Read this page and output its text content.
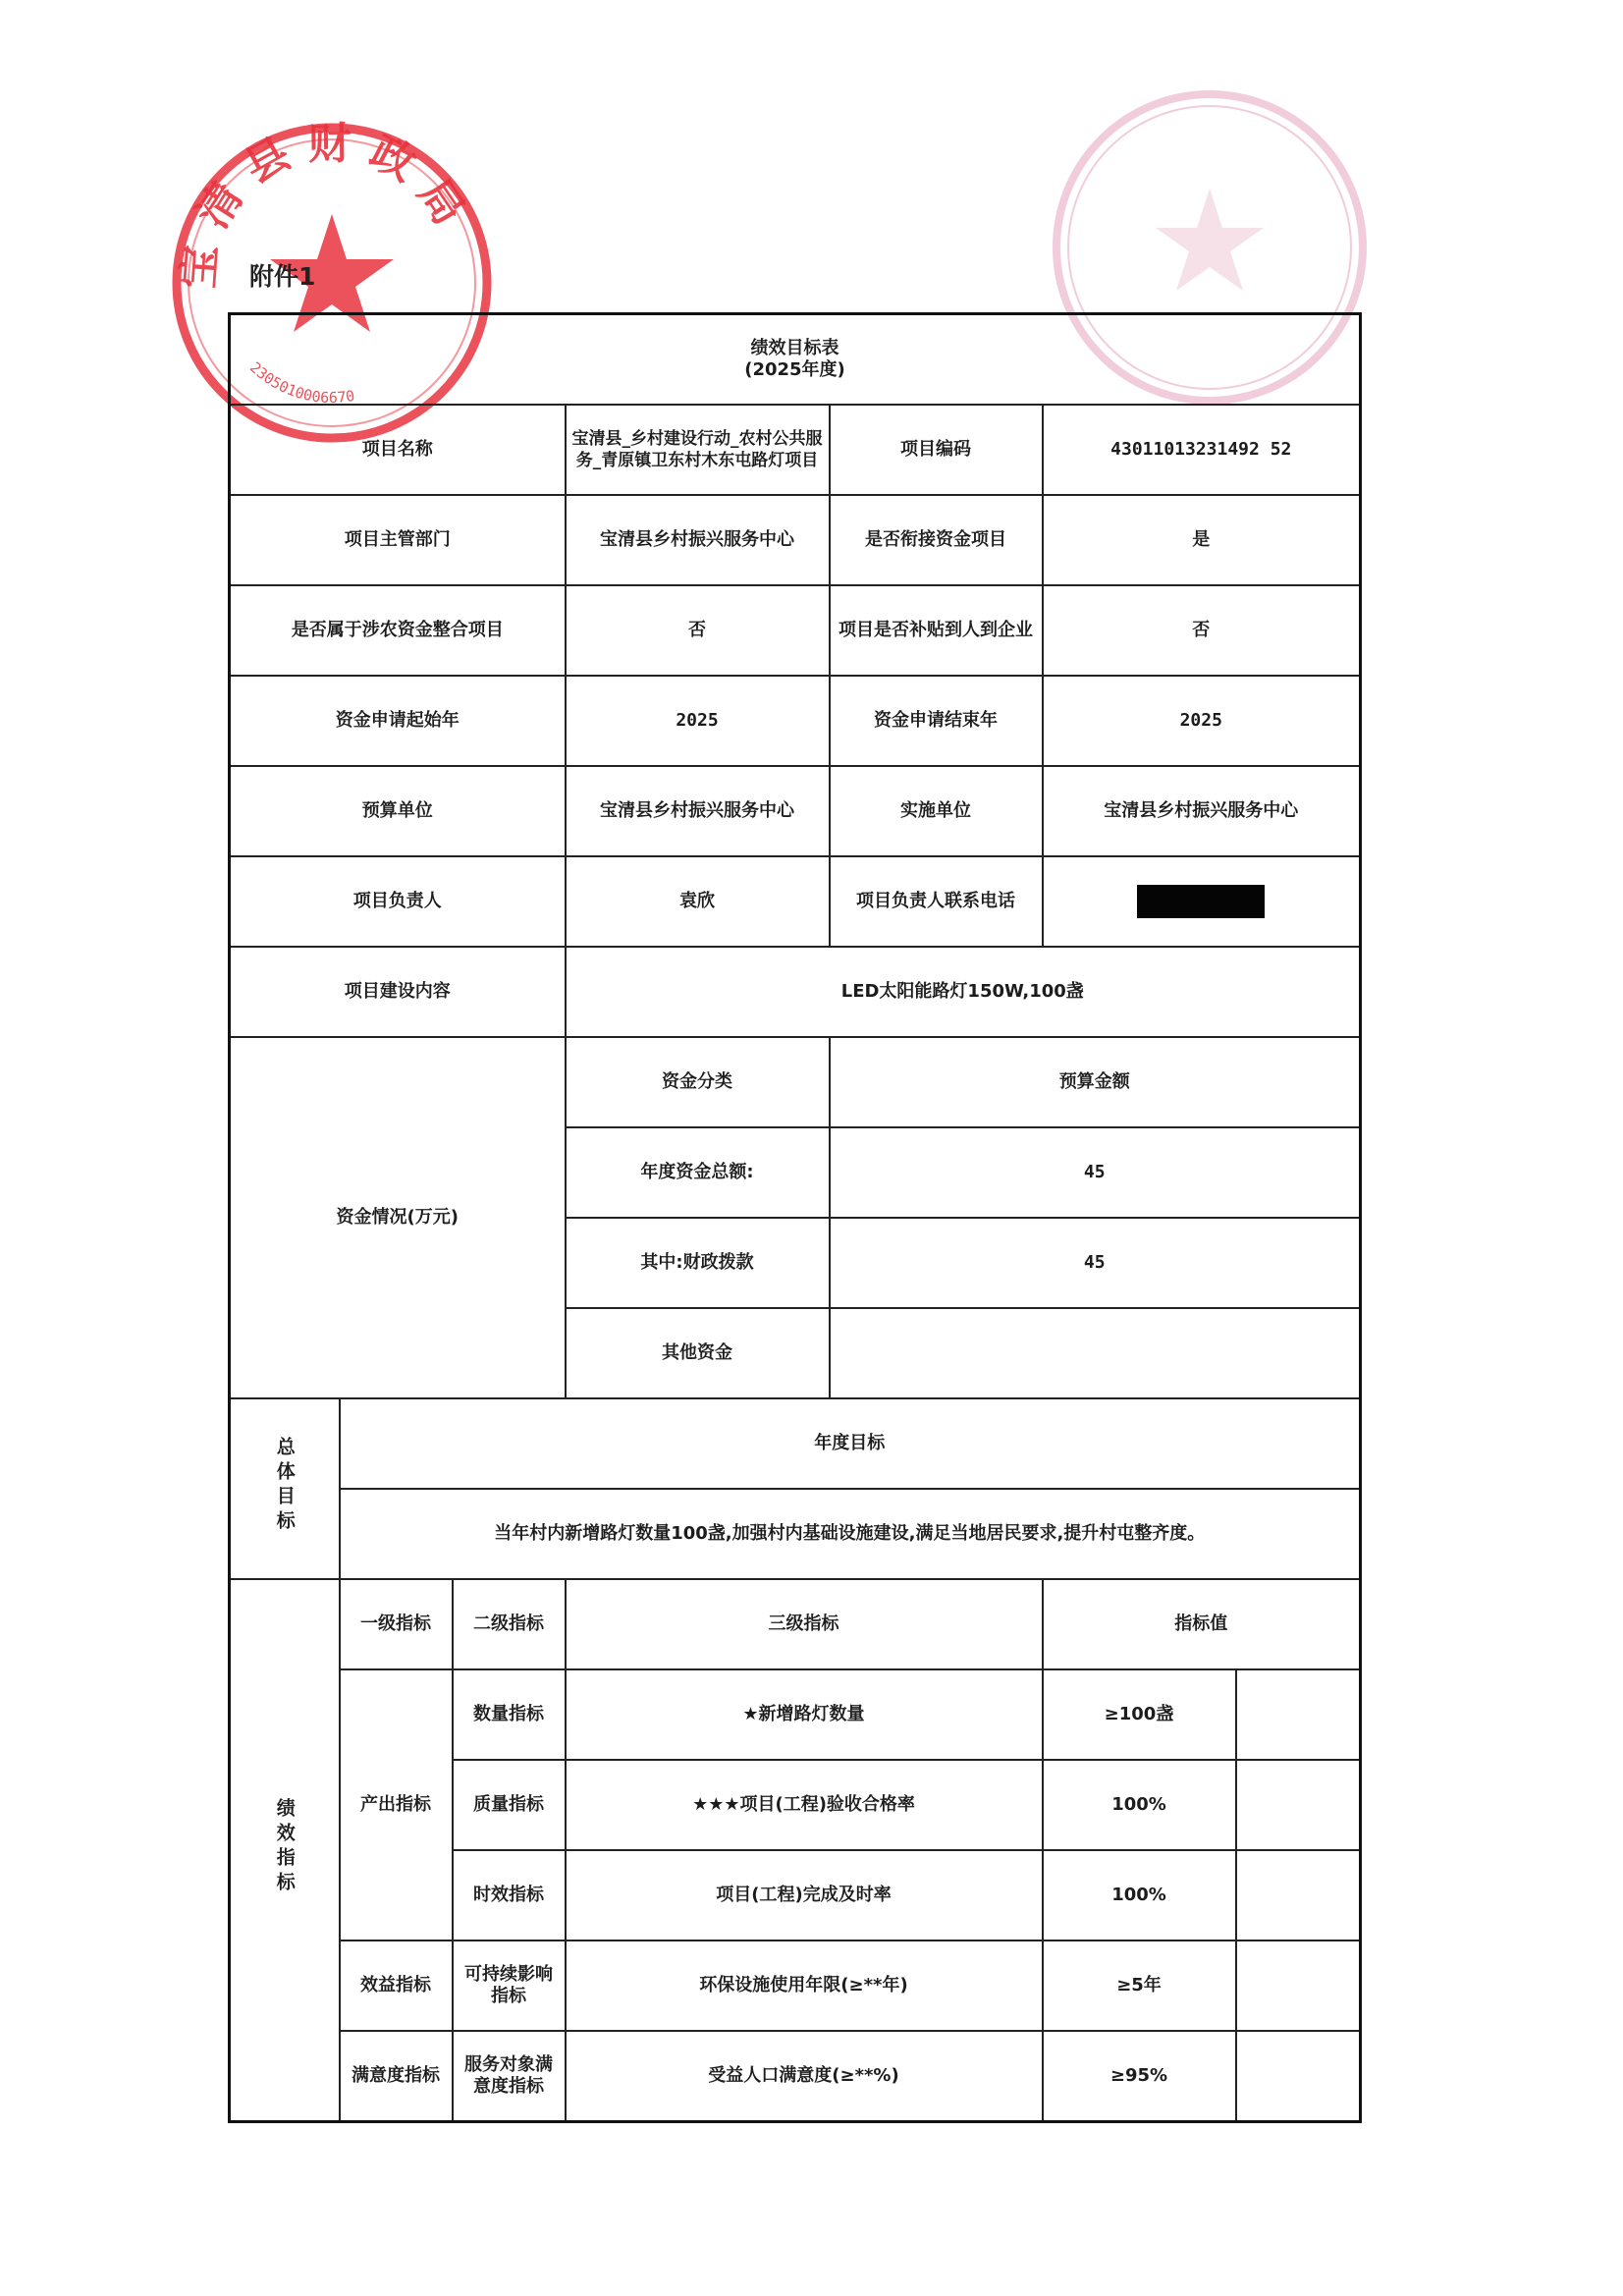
宝 清 县 财 政 局
2305010006670
附件1
绩效目标表
(2025年度)						

项目名称			宝清县_乡村建设行动_农村公共服务_青原镇卫东村木东屯路灯项目	项目编码	43011013231492 52	
项目主管部门			宝清县乡村振兴服务中心	是否衔接资金项目	是	
是否属于涉农资金整合项目			否	项目是否补贴到人到企业	否	
资金申请起始年			2025	资金申请结束年	2025	
预算单位			宝清县乡村振兴服务中心	实施单位	宝清县乡村振兴服务中心	
项目负责人			袁欣	项目负责人联系电话		
项目建设内容			LED太阳能路灯150W,100盏			
资金情况(万元)			资金分类	预算金额		
			年度资金总额:	45		
			其中:财政拨款	45		
			其他资金			
总体目标	年度目标					
	当年村内新增路灯数量100盏,加强村内基础设施建设,满足当地居民要求,提升村屯整齐度。					
绩效指标	一级指标	二级指标	三级指标		指标值	
	产出指标	数量指标	★新增路灯数量		≥100盏	
		质量指标	★★★项目(工程)验收合格率		100%	
		时效指标	项目(工程)完成及时率		100%	
	效益指标	可持续影响指标	环保设施使用年限(≥**年)		≥5年	
	满意度指标	服务对象满意度指标	受益人口满意度(≥**%)		≥95%	
